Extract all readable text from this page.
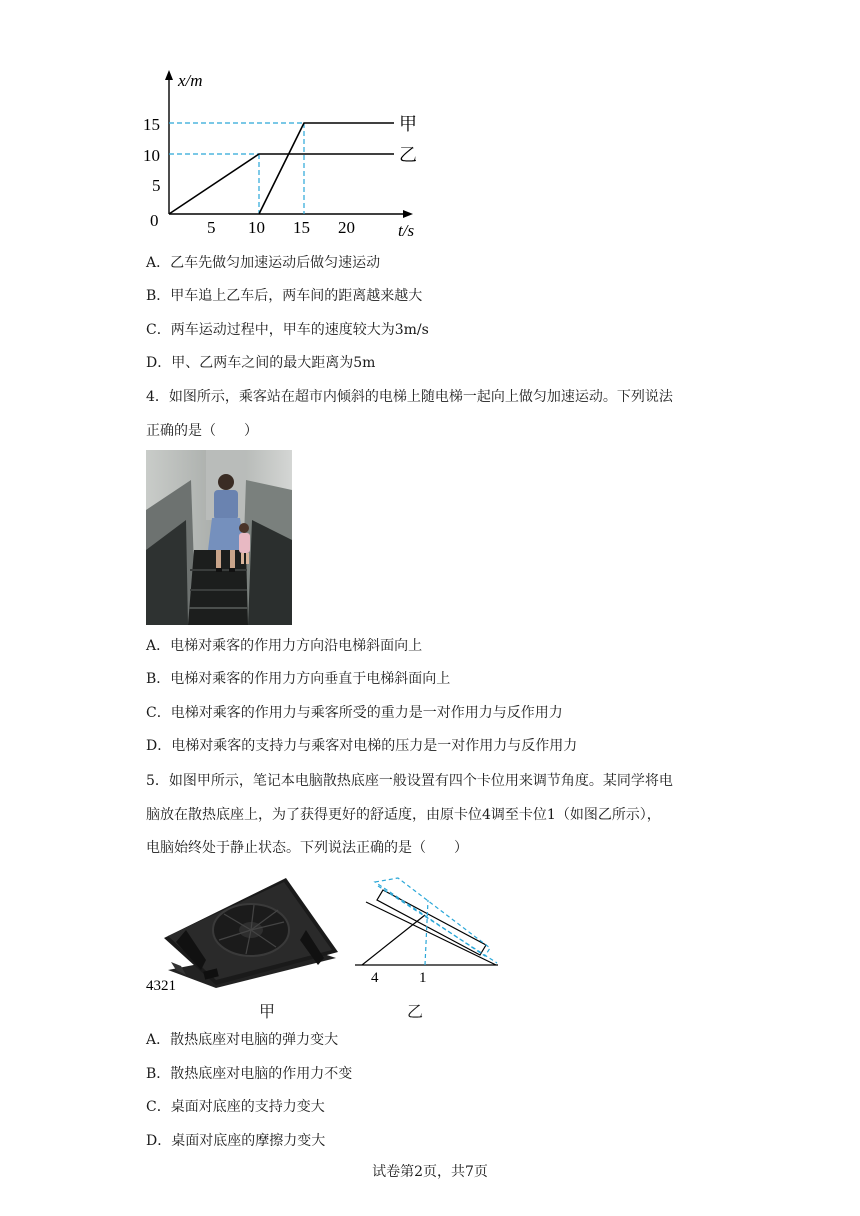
x/m
t/s
0
5
10
15
5 10 15 20
甲
乙
A．乙车先做匀加速运动后做匀速运动
B．甲车追上乙车后，两车间的距离越来越大
C．两车运动过程中，甲车的速度较大为3m/s
D．甲、乙两车之间的最大距离为5m
4．如图所示，乘客站在超市内倾斜的电梯上随电梯一起向上做匀加速运动。下列说法
正确的是（　　）
A．电梯对乘客的作用力方向沿电梯斜面向上
B．电梯对乘客的作用力方向垂直于电梯斜面向上
C．电梯对乘客的作用力与乘客所受的重力是一对作用力与反作用力
D．电梯对乘客的支持力与乘客对电梯的压力是一对作用力与反作用力
5．如图甲所示，笔记本电脑散热底座一般设置有四个卡位用来调节角度。某同学将电
脑放在散热底座上，为了获得更好的舒适度，由原卡位4调至卡位1（如图乙所示），
电脑始终处于静止状态。下列说法正确的是（　　）
4321
甲
4	1
乙
A．散热底座对电脑的弹力变大
B．散热底座对电脑的作用力不变
C．桌面对底座的支持力变大
D．桌面对底座的摩擦力变大
试卷第2页，共7页
